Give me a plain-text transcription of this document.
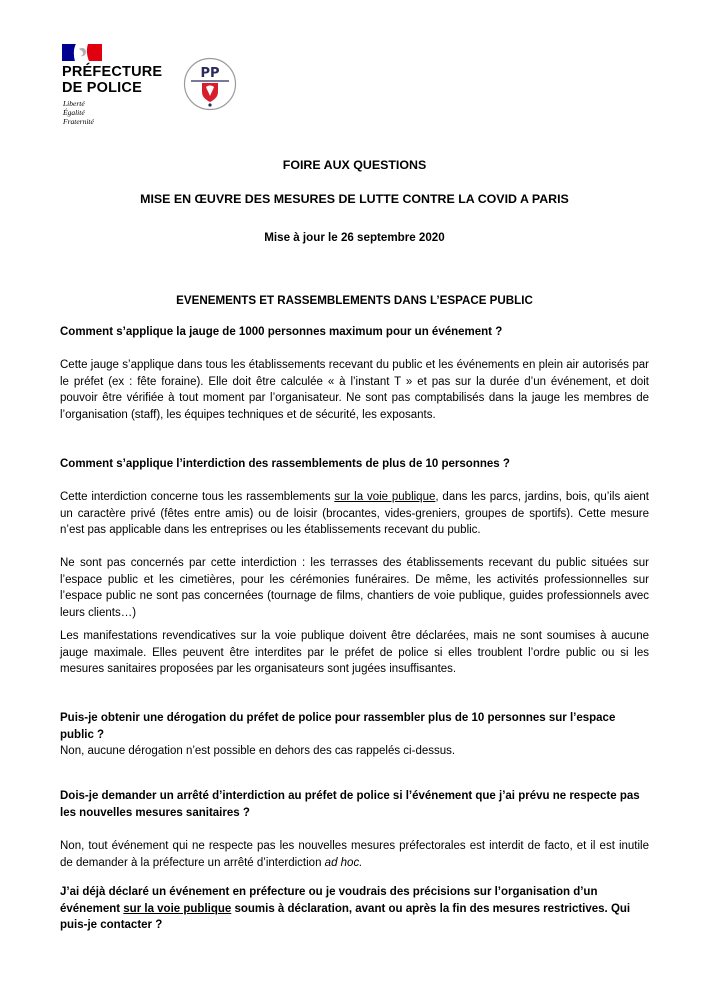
PRÉFECTURE
DE POLICE
Liberté
Égalité
Fraternité
PP
FOIRE AUX QUESTIONS
MISE EN ŒUVRE DES MESURES DE LUTTE CONTRE LA COVID A PARIS
Mise à jour le 26 septembre 2020
EVENEMENTS ET RASSEMBLEMENTS DANS L’ESPACE PUBLIC

Comment s’applique la jauge de 1000 personnes maximum pour un événement ?

Cette jauge s’applique dans tous les établissements recevant du public et les événements en plein air autorisés par le préfet (ex : fête foraine). Elle doit être calculée « à l’instant T » et pas sur la durée d’un événement, et doit pouvoir être vérifiée à tout moment par l’organisateur. Ne sont pas comptabilisés dans la jauge les membres de l’organisation (staff), les équipes techniques et de sécurité, les exposants.

Comment s’applique l’interdiction des rassemblements de plus de 10 personnes ?

Cette interdiction concerne tous les rassemblements sur la voie publique, dans les parcs, jardins, bois, qu’ils aient un caractère privé (fêtes entre amis) ou de loisir (brocantes, vides-greniers, groupes de sportifs). Cette mesure n’est pas applicable dans les entreprises ou les établissements recevant du public.

Ne sont pas concernés par cette interdiction : les terrasses des établissements recevant du public situées sur l’espace public et les cimetières, pour les cérémonies funéraires. De même, les activités professionnelles sur l’espace public ne sont pas concernées (tournage de films, chantiers de voie publique, guides professionnels avec leurs clients…)

Les manifestations revendicatives sur la voie publique doivent être déclarées, mais ne sont soumises à aucune jauge maximale. Elles peuvent être interdites par le préfet de police si elles troublent l’ordre public ou si les mesures sanitaires proposées par les organisateurs sont jugées insuffisantes.

Puis-je obtenir une dérogation du préfet de police pour rassembler plus de 10 personnes sur l’espace public ?

Non, aucune dérogation n’est possible en dehors des cas rappelés ci-dessus.

Dois-je demander un arrêté d’interdiction au préfet de police si l’événement que j’ai prévu ne respecte pas les nouvelles mesures sanitaires ?

Non, tout événement qui ne respecte pas les nouvelles mesures préfectorales est interdit de facto, et il est inutile de demander à la préfecture un arrêté d’interdiction ad hoc.

J’ai déjà déclaré un événement en préfecture ou je voudrais des précisions sur l’organisation d’un événement sur la voie publique soumis à déclaration, avant ou après la fin des mesures restrictives. Qui puis-je contacter ?
